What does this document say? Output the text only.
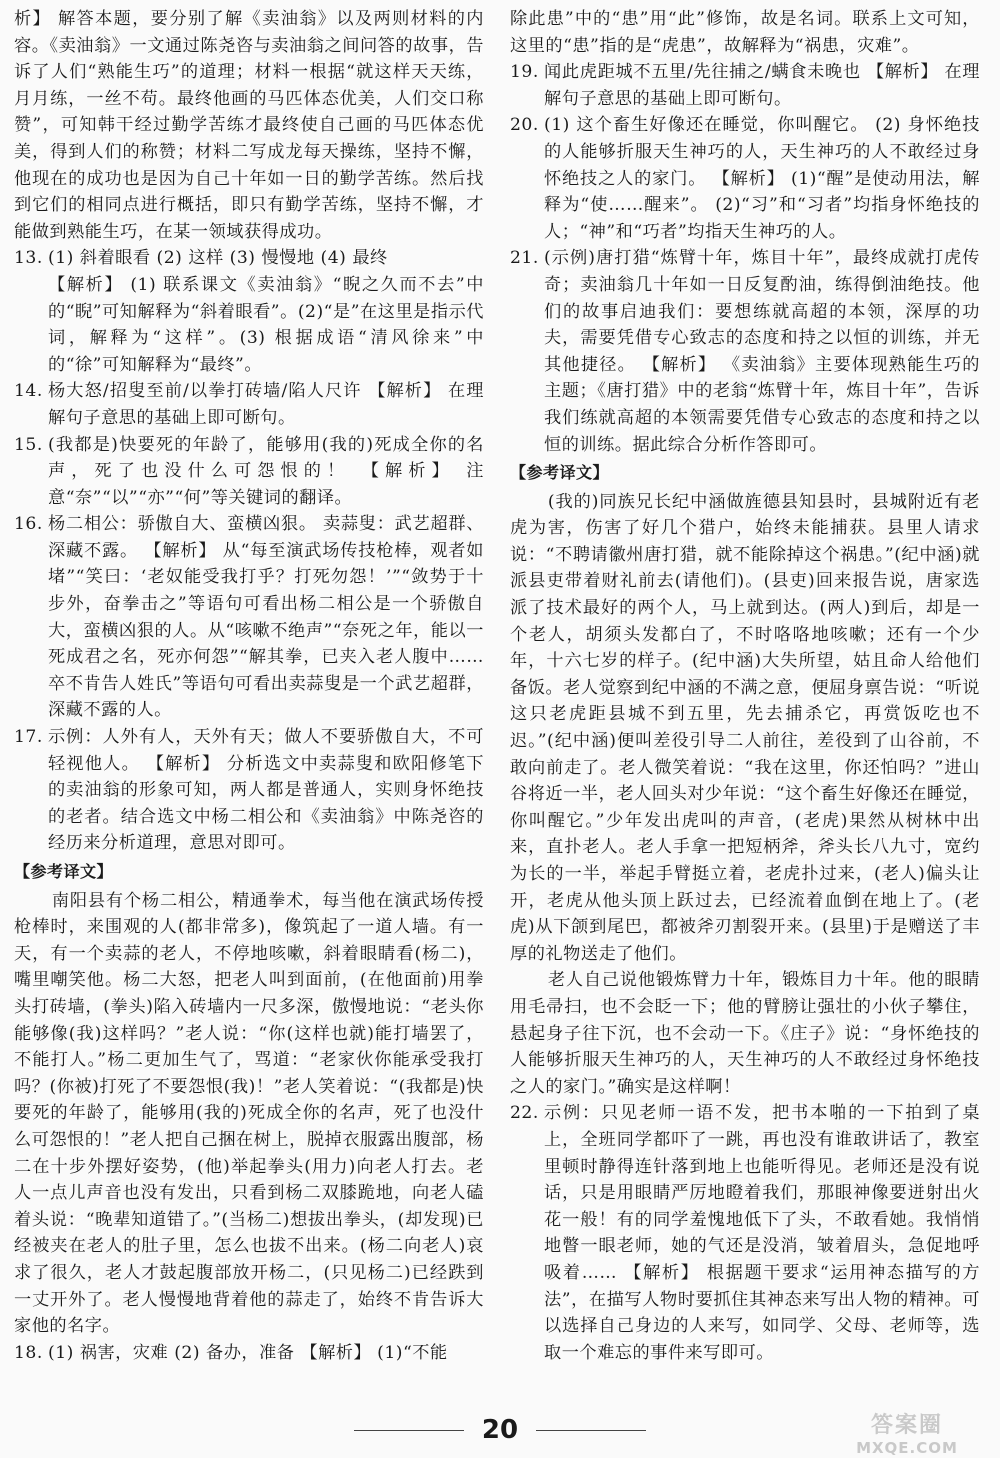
析】 解答本题，要分别了解《卖油翁》以及两则材料的内容。《卖油翁》一文通过陈尧咨与卖油翁之间问答的故事，告诉了人们“熟能生巧”的道理；材料一根据“就这样天天练，月月练，一丝不苟。最终他画的马匹体态优美，人们交口称赞”，可知韩干经过勤学苦练才最终使自己画的马匹体态优美，得到人们的称赞；材料二写成龙每天操练，坚持不懈，他现在的成功也是因为自己十年如一日的勤学苦练。然后找到它们的相同点进行概括，即只有勤学苦练，坚持不懈，才能做到熟能生巧，在某一领域获得成功。

13. (1) 斜着眼看 (2) 这样 (3) 慢慢地 (4) 最终
【解析】 (1) 联系课文《卖油翁》“睨之久而不去”中的“睨”可知解释为“斜着眼看”。(2)“是”在这里是指示代词，解释为“这样”。(3) 根据成语“清风徐来”中的“徐”可知解释为“最终”。
14. 杨大怒/招叟至前/以拳打砖墙/陷人尺许 【解析】 在理解句子意思的基础上即可断句。
15. (我都是)快要死的年龄了，能够用(我的)死成全你的名声，死了也没什么可怨恨的！ 【解析】 注意“奈”“以”“亦”“何”等关键词的翻译。
16. 杨二相公：骄傲自大、蛮横凶狠。 卖蒜叟：武艺超群、深藏不露。 【解析】 从“每至演武场传技枪棒，观者如堵”“笑曰：‘老奴能受我打乎？打死勿怨！’”“敛势于十步外，奋拳击之”等语句可看出杨二相公是一个骄傲自大，蛮横凶狠的人。从“咳嗽不绝声”“奈死之年，能以一死成君之名，死亦何怨”“解其拳，已夹入老人腹中……卒不肯告人姓氏”等语句可看出卖蒜叟是一个武艺超群，深藏不露的人。
17. 示例：人外有人，天外有天；做人不要骄傲自大，不可轻视他人。 【解析】 分析选文中卖蒜叟和欧阳修笔下的卖油翁的形象可知，两人都是普通人，实则身怀绝技的老者。结合选文中杨二相公和《卖油翁》中陈尧咨的经历来分析道理，意思对即可。
【参考译文】

南阳县有个杨二相公，精通拳术，每当他在演武场传授枪棒时，来围观的人(都非常多)，像筑起了一道人墙。有一天，有一个卖蒜的老人，不停地咳嗽，斜着眼睛看(杨二)，嘴里嘲笑他。杨二大怒，把老人叫到面前，(在他面前)用拳头打砖墙，(拳头)陷入砖墙内一尺多深，傲慢地说：“老头你能够像(我)这样吗？”老人说：“你(这样也就)能打墙罢了，不能打人。”杨二更加生气了，骂道：“老家伙你能承受我打吗？(你被)打死了不要怨恨(我)！”老人笑着说：“(我都是)快要死的年龄了，能够用(我的)死成全你的名声，死了也没什么可怨恨的！”老人把自己捆在树上，脱掉衣服露出腹部，杨二在十步外摆好姿势，(他)举起拳头(用力)向老人打去。老人一点儿声音也没有发出，只看到杨二双膝跪地，向老人磕着头说：“晚辈知道错了。”(当杨二)想拔出拳头，(却发现)已经被夹在老人的肚子里，怎么也拔不出来。(杨二向老人)哀求了很久，老人才鼓起腹部放开杨二，(只见杨二)已经跌到一丈开外了。老人慢慢地背着他的蒜走了，始终不肯告诉大家他的名字。

18. (1) 祸害，灾难 (2) 备办，准备 【解析】 (1)“不能

除此患”中的“患”用“此”修饰，故是名词。联系上文可知，这里的“患”指的是“虎患”，故解释为“祸患，灾难”。

19. 闻此虎距城不五里/先往捕之/螨食未晚也 【解析】 在理解句子意思的基础上即可断句。
20. (1) 这个畜生好像还在睡觉，你叫醒它。 (2) 身怀绝技的人能够折服天生神巧的人，天生神巧的人不敢经过身怀绝技之人的家门。 【解析】 (1)“醒”是使动用法，解释为“使……醒来”。 (2)“习”和“习者”均指身怀绝技的人；“神”和“巧者”均指天生神巧的人。
21. (示例)唐打猎“炼臂十年，炼目十年”，最终成就打虎传奇；卖油翁几十年如一日反复酌油，练得倒油绝技。他们的故事启迪我们：要想练就高超的本领，深厚的功夫，需要凭借专心致志的态度和持之以恒的训练，并无其他捷径。 【解析】 《卖油翁》主要体现熟能生巧的主题；《唐打猎》中的老翁“炼臂十年，炼目十年”，告诉我们练就高超的本领需要凭借专心致志的态度和持之以恒的训练。据此综合分析作答即可。
【参考译文】

(我的)同族兄长纪中涵做旌德县知县时，县城附近有老虎为害，伤害了好几个猎户，始终未能捕获。县里人请求说：“不聘请徽州唐打猎，就不能除掉这个祸患。”(纪中涵)就派县吏带着财礼前去(请他们)。(县吏)回来报告说，唐家选派了技术最好的两个人，马上就到达。(两人)到后，却是一个老人，胡须头发都白了，不时咯咯地咳嗽；还有一个少年，十六七岁的样子。(纪中涵)大失所望，姑且命人给他们备饭。老人觉察到纪中涵的不满之意，便屈身禀告说：“听说这只老虎距县城不到五里，先去捕杀它，再赏饭吃也不迟。”(纪中涵)便叫差役引导二人前往，差役到了山谷前，不敢向前走了。老人微笑着说：“我在这里，你还怕吗？”进山谷将近一半，老人回头对少年说：“这个畜生好像还在睡觉，你叫醒它。”少年发出虎叫的声音，(老虎)果然从树林中出来，直扑老人。老人手拿一把短柄斧，斧头长八九寸，宽约为长的一半，举起手臂挺立着，老虎扑过来，(老人)偏头让开，老虎从他头顶上跃过去，已经流着血倒在地上了。(老虎)从下颌到尾巴，都被斧刃割裂开来。(县里)于是赠送了丰厚的礼物送走了他们。

老人自己说他锻炼臂力十年，锻炼目力十年。他的眼睛用毛帚扫，也不会眨一下；他的臂膀让强壮的小伙子攀住，悬起身子往下沉，也不会动一下。《庄子》说：“身怀绝技的人能够折服天生神巧的人，天生神巧的人不敢经过身怀绝技之人的家门。”确实是这样啊！

22. 示例：只见老师一语不发，把书本啪的一下拍到了桌上，全班同学都吓了一跳，再也没有谁敢讲话了，教室里顿时静得连针落到地上也能听得见。老师还是没有说话，只是用眼睛严厉地瞪着我们，那眼神像要迸射出火花一般！有的同学羞愧地低下了头，不敢看她。我悄悄地瞥一眼老师，她的气还是没消，皱着眉头，急促地呼吸着…… 【解析】 根据题干要求“运用神态描写的方法”，在描写人物时要抓住其神态来写出人物的精神。可以选择自己身边的人来写，如同学、父母、老师等，选取一个难忘的事件来写即可。
20	答案圈
MXQE.COM
